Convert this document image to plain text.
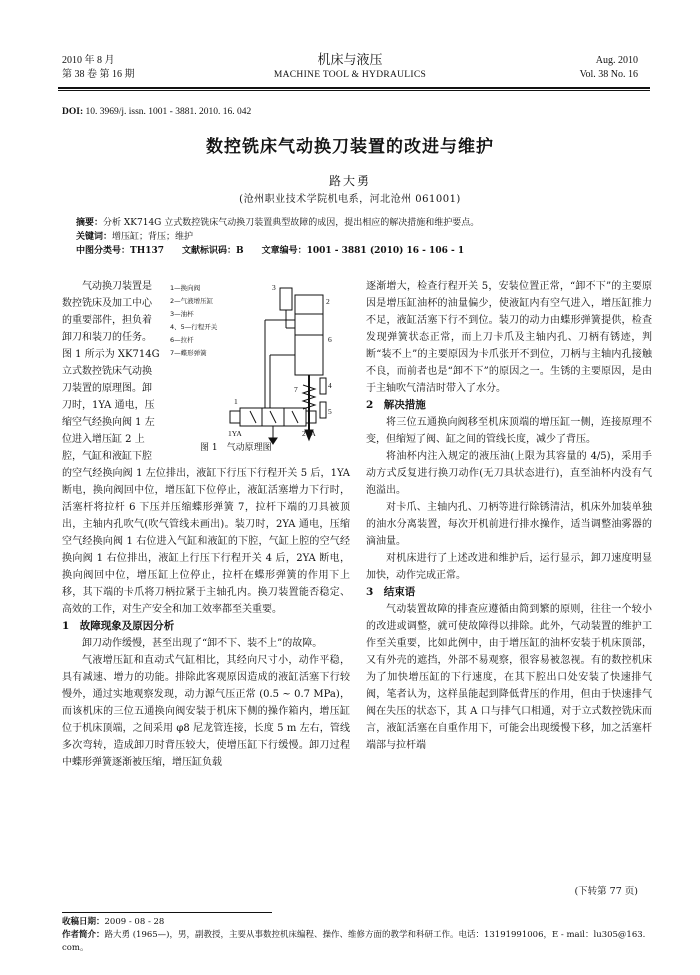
2010 年 8 月
第 38 卷 第 16 期
机床与液压
MACHINE TOOL & HYDRAULICS
Aug. 2010
Vol. 38 No. 16
DOI: 10. 3969/j. issn. 1001 - 3881. 2010. 16. 042
数控铣床气动换刀装置的改进与维护
路大勇
(沧州职业技术学院机电系，河北沧州 061001)
摘要：分析 XK714G 立式数控铣床气动换刀装置典型故障的成因，提出相应的解决措施和维护要点。
关键词：增压缸；背压；维护
中图分类号：TH137　　文献标识码：B　　文章编号：1001 - 3881 (2010) 16 - 106 - 1
气动换刀装置是
数控铣床及加工中心
的重要部件，担负着
卸刀和装刀的任务。
图 1 所示为 XK714G
立式数控铣床气动换
刀装置的原理图。卸
刀时，1YA 通电，压
缩空气经换向阀 1 左
位进入增压缸 2 上
腔，气缸和液缸下腔
1—换向阀
2—气液增压缸
3—油杯
4、5—行程开关
6—拉杆
7—蝶形弹簧
1YA	2YA
1
2
3
4
5
6
7
图 1　气动原理图

的空气经换向阀 1 左位排出，液缸下行压下行程开关 5 后，1YA 断电，换向阀回中位，增压缸下位停止，液缸活塞增力下行时，活塞杆将拉杆 6 下压并压缩蝶形弹簧 7，拉杆下端的刀具被顶出，主轴内孔吹气(吹气管线未画出)。装刀时，2YA 通电，压缩空气经换向阀 1 右位进入气缸和液缸的下腔，气缸上腔的空气经换向阀 1 右位排出，液缸上行压下行程开关 4 后，2YA 断电，换向阀回中位，增压缸上位停止，拉杆在蝶形弹簧的作用下上移，其下端的卡爪将刀柄拉紧于主轴孔内。换刀装置能否稳定、高效的工作，对生产安全和加工效率都至关重要。

1　故障现象及原因分析

卸刀动作缓慢，甚至出现了“卸不下、装不上”的故障。

气液增压缸和直动式气缸相比，其经向尺寸小，动作平稳，具有减速、增力的功能。排除此客观原因造成的液缸活塞下行较慢外，通过实地观察发现，动力源气压正常 (0.5 ~ 0.7 MPa)，而该机床的三位五通换向阀安装于机床下侧的操作箱内，增压缸位于机床顶端，之间采用 φ8 尼龙管连接，长度 5 m 左右，管线多次弯转，造成卸刀时背压较大，使增压缸下行缓慢。卸刀过程中蝶形弹簧逐渐被压缩，增压缸负载

逐渐增大，检查行程开关 5，安装位置正常，“卸不下”的主要原因是增压缸油杯的油量偏少，使液缸内有空气进入，增压缸推力不足，液缸活塞下行不到位。装刀的动力由蝶形弹簧提供，检查发现弹簧状态正常，而上刀卡爪及主轴内孔、刀柄有锈迹，判断“装不上”的主要原因为卡爪张开不到位，刀柄与主轴内孔接触不良，而前者也是“卸不下”的原因之一。生锈的主要原因，是由于主轴吹气清洁时带入了水分。

2　解决措施

将三位五通换向阀移至机床顶端的增压缸一侧，连接原理不变，但缩短了阀、缸之间的管线长度，减少了背压。

将油杯内注入规定的液压油(上限为其容量的 4/5)，采用手动方式反复进行换刀动作(无刀具状态进行)，直至油杯内没有气泡溢出。

对卡爪、主轴内孔、刀柄等进行除锈清洁，机床外加装单独的油水分离装置，每次开机前进行排水操作，适当调整油雾器的滴油量。

对机床进行了上述改进和维护后，运行显示，卸刀速度明显加快，动作完成正常。

3　结束语

气动装置故障的排查应遵循由简到繁的原则，往往一个较小的改进或调整，就可使故障得以排除。此外，气动装置的维护工作至关重要，比如此例中，由于增压缸的油杯安装于机床顶部，又有外壳的遮挡，外部不易观察，很容易被忽视。有的数控机床为了加快增压缸的下行速度，在其下腔出口处安装了快速排气阀，笔者认为，这样虽能起到降低背压的作用，但由于快速排气阀在失压的状态下，其 A 口与排气口相通，对于立式数控铣床而言，液缸活塞在自重作用下，可能会出现缓慢下移，加之活塞杆端部与拉杆端

(下转第 77 页)
收稿日期：2009 - 08 - 28
作者简介：路大勇 (1965—)，男，副教授，主要从事数控机床编程、操作、维修方面的教学和科研工作。电话：13191991006，E - mail：lu305@163. com。
